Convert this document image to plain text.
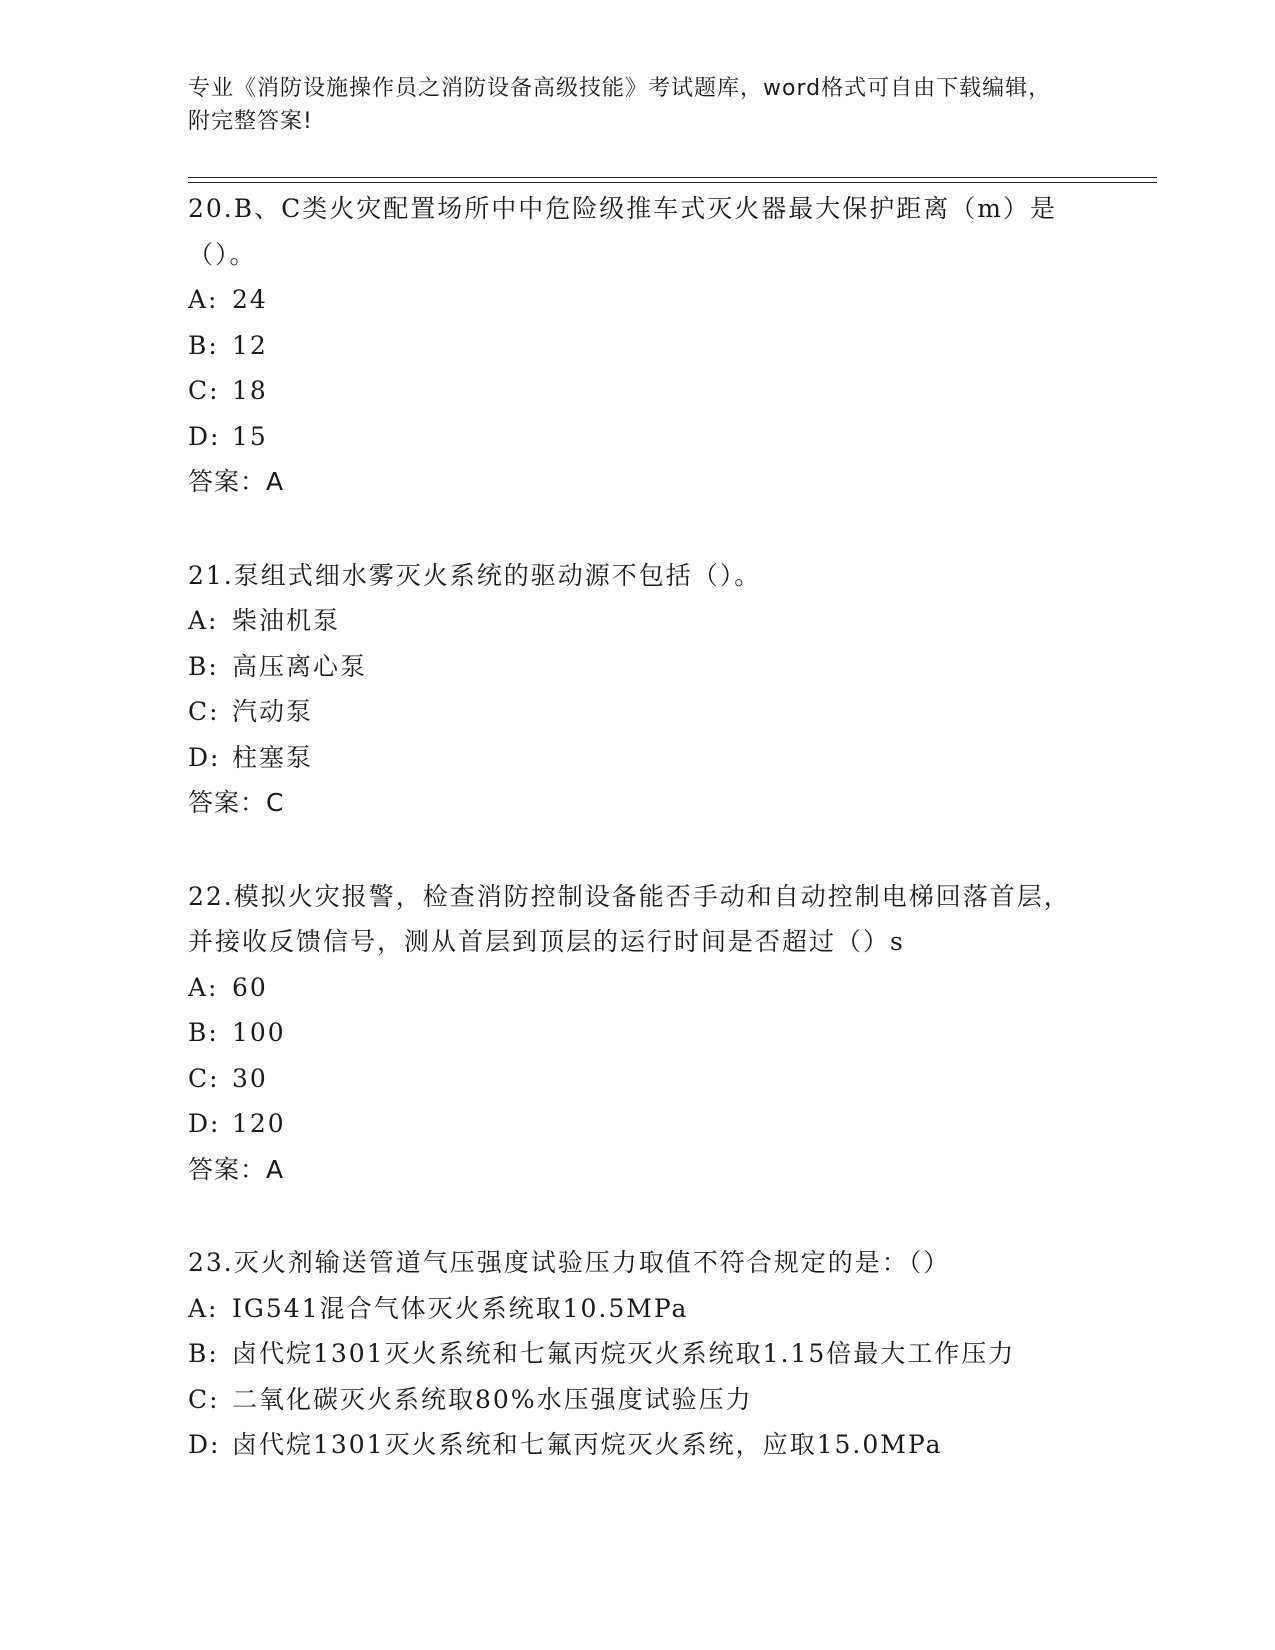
专业《消防设施操作员之消防设备高级技能》考试题库，word格式可自由下载编辑，附完整答案!

20.B、C类火灾配置场所中中危险级推车式灭火器最大保护距离（m）是（）。

A: 24

B: 12

C: 18

D: 15

答案：A

21.泵组式细水雾灭火系统的驱动源不包括（）。

A: 柴油机泵

B: 高压离心泵

C: 汽动泵

D: 柱塞泵

答案：C

22.模拟火灾报警，检查消防控制设备能否手动和自动控制电梯回落首层，并接收反馈信号，测从首层到顶层的运行时间是否超过（）s

A: 60

B: 100

C: 30

D: 120

答案：A

23.灭火剂输送管道气压强度试验压力取值不符合规定的是：（）

A: IG541混合气体灭火系统取10.5MPa

B: 卤代烷1301灭火系统和七氟丙烷灭火系统取1.15倍最大工作压力

C: 二氧化碳灭火系统取80%水压强度试验压力

D: 卤代烷1301灭火系统和七氟丙烷灭火系统，应取15.0MPa
